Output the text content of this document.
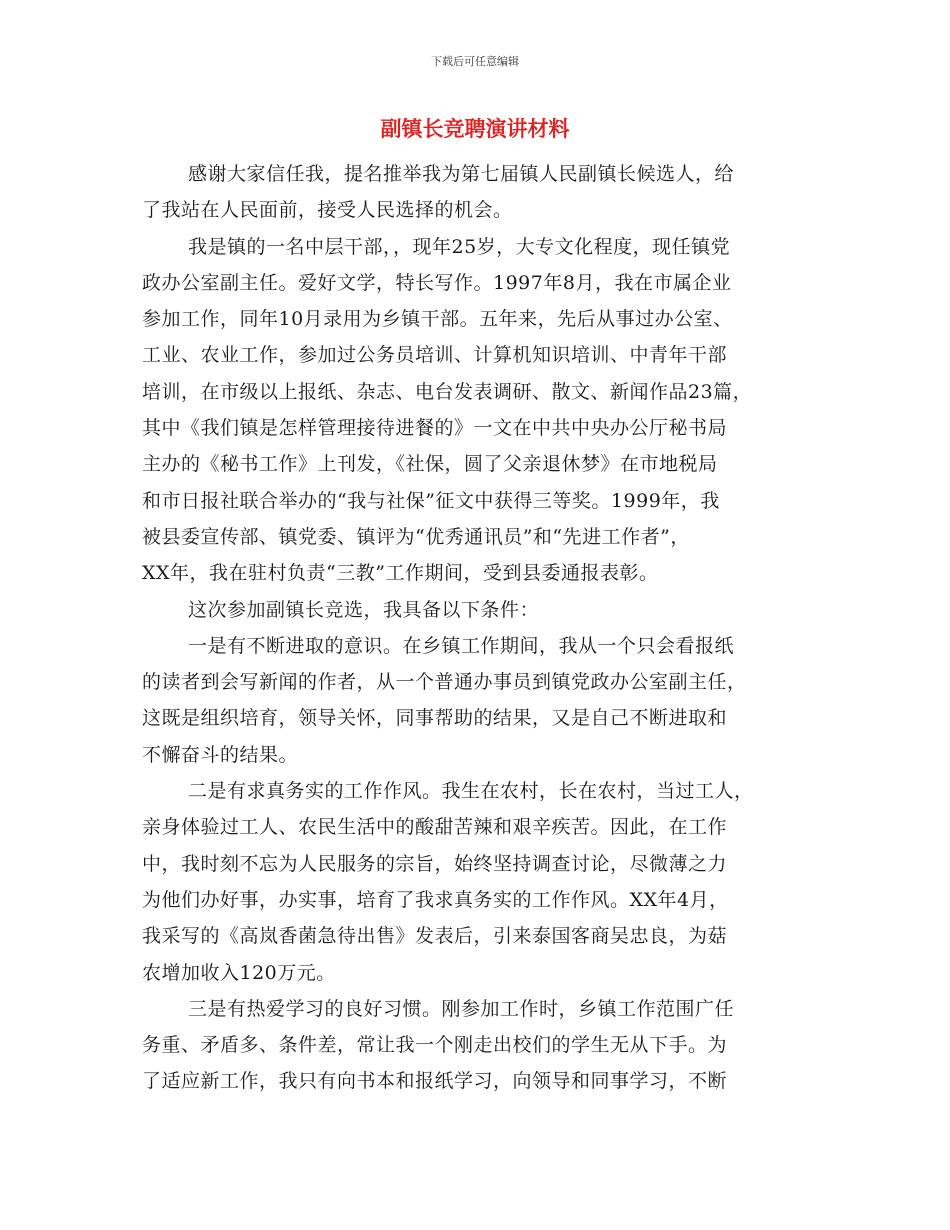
下载后可任意编辑
副镇长竞聘演讲材料
感谢大家信任我，提名推举我为第七届镇人民副镇长候选人，给
了我站在人民面前，接受人民选择的机会。
我是镇的一名中层干部，，现年25岁，大专文化程度，现任镇党
政办公室副主任。爱好文学，特长写作。1997年8月，我在市属企业
参加工作，同年10月录用为乡镇干部。五年来，先后从事过办公室、
工业、农业工作，参加过公务员培训、计算机知识培训、中青年干部
培训，在市级以上报纸、杂志、电台发表调研、散文、新闻作品23篇，
其中《我们镇是怎样管理接待进餐的》一文在中共中央办公厅秘书局
主办的《秘书工作》上刊发，《社保，圆了父亲退休梦》在市地税局
和市日报社联合举办的“我与社保”征文中获得三等奖。1999年，我
被县委宣传部、镇党委、镇评为“优秀通讯员”和“先进工作者”，
XX年，我在驻村负责“三教”工作期间，受到县委通报表彰。
这次参加副镇长竞选，我具备以下条件：
一是有不断进取的意识。在乡镇工作期间，我从一个只会看报纸
的读者到会写新闻的作者，从一个普通办事员到镇党政办公室副主任，
这既是组织培育，领导关怀，同事帮助的结果，又是自己不断进取和
不懈奋斗的结果。
二是有求真务实的工作作风。我生在农村，长在农村，当过工人，
亲身体验过工人、农民生活中的酸甜苦辣和艰辛疾苦。因此，在工作
中，我时刻不忘为人民服务的宗旨，始终坚持调查讨论，尽微薄之力
为他们办好事，办实事，培育了我求真务实的工作作风。XX年4月，
我采写的《高岚香菌急待出售》发表后，引来泰国客商吴忠良，为菇
农增加收入120万元。
三是有热爱学习的良好习惯。刚参加工作时，乡镇工作范围广任
务重、矛盾多、条件差，常让我一个刚走出校们的学生无从下手。为
了适应新工作，我只有向书本和报纸学习，向领导和同事学习，不断
